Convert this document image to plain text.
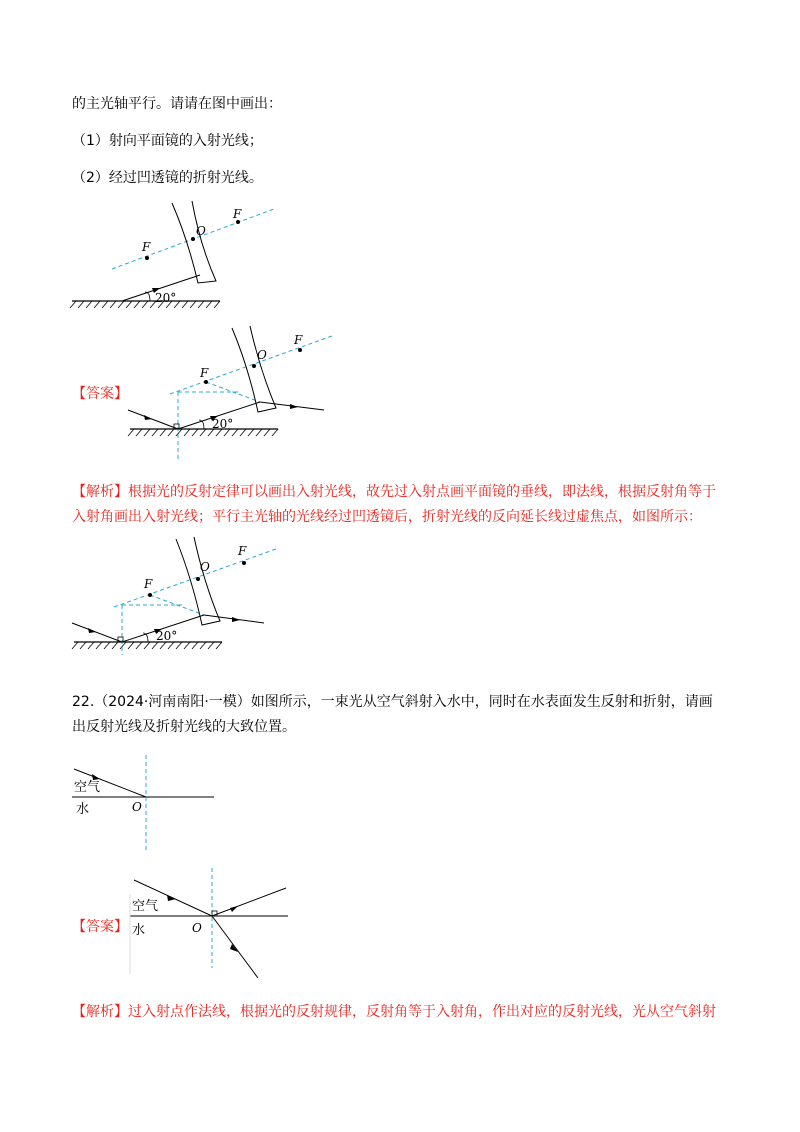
的主光轴平行。请请在图中画出：
（1）射向平面镜的入射光线；
（2）经过凹透镜的折射光线。
F
O
F
20°
【答案】
F
O
F
20°
【解析】根据光的反射定律可以画出入射光线，故先过入射点画平面镜的垂线，即法线，根据反射角等于
入射角画出入射光线；平行主光轴的光线经过凹透镜后，折射光线的反向延长线过虚焦点，如图所示：
F
O
F
20°
22.（2024·河南南阳·一模）如图所示，一束光从空气斜射入水中，同时在水表面发生反射和折射，请画
出反射光线及折射光线的大致位置。
空气
水	O
【答案】
空气
水	O
【解析】过入射点作法线，根据光的反射规律，反射角等于入射角，作出对应的反射光线，光从空气斜射
